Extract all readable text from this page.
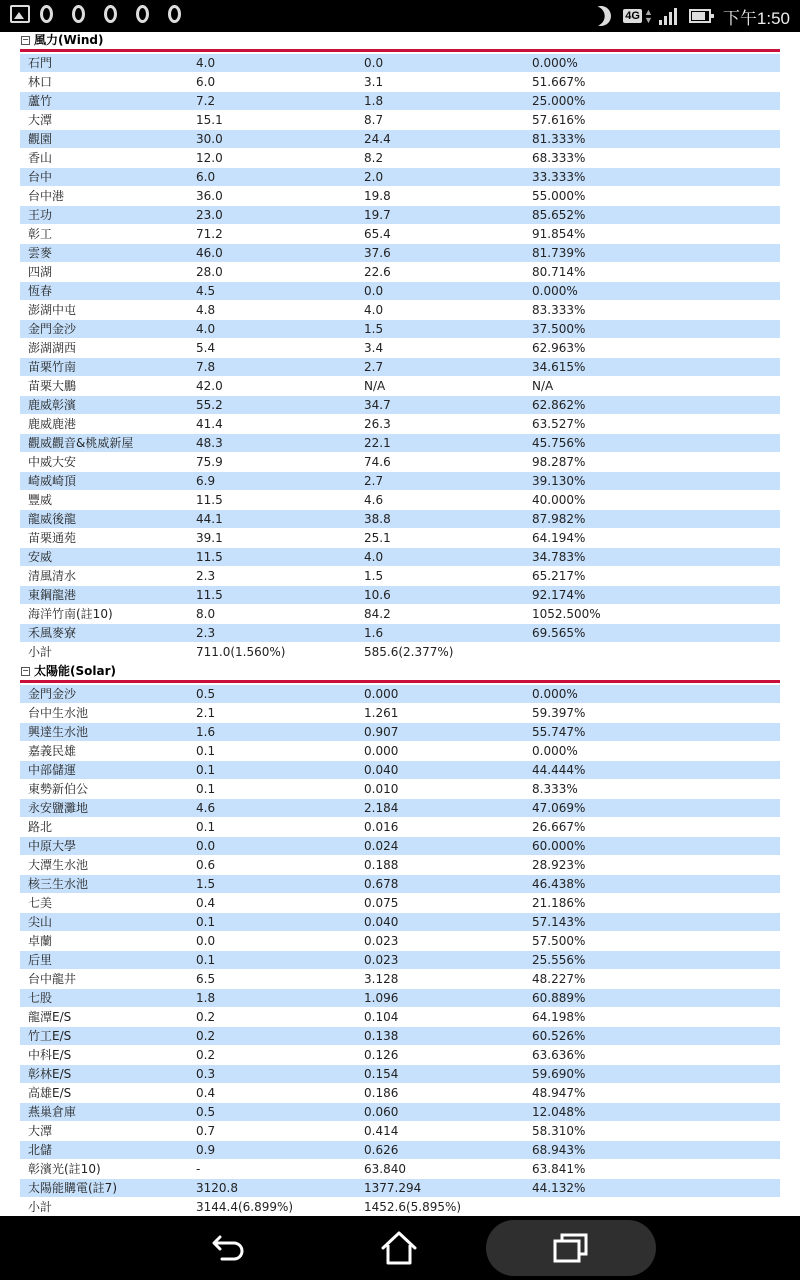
4G ▲
▼	下午1:50
− 風力(Wind)
石門	4.0	0.0	0.000%
林口	6.0	3.1	51.667%
蘆竹	7.2	1.8	25.000%
大潭	15.1	8.7	57.616%
觀園	30.0	24.4	81.333%
香山	12.0	8.2	68.333%
台中	6.0	2.0	33.333%
台中港	36.0	19.8	55.000%
王功	23.0	19.7	85.652%
彰工	71.2	65.4	91.854%
雲麥	46.0	37.6	81.739%
四湖	28.0	22.6	80.714%
恆春	4.5	0.0	0.000%
澎湖中屯	4.8	4.0	83.333%
金門金沙	4.0	1.5	37.500%
澎湖湖西	5.4	3.4	62.963%
苗栗竹南	7.8	2.7	34.615%
苗栗大鵬	42.0	N/A	N/A
鹿威彰濱	55.2	34.7	62.862%
鹿威鹿港	41.4	26.3	63.527%
觀威觀音&桃威新屋	48.3	22.1	45.756%
中威大安	75.9	74.6	98.287%
崎威崎頂	6.9	2.7	39.130%
豐威	11.5	4.6	40.000%
龍威後龍	44.1	38.8	87.982%
苗栗通苑	39.1	25.1	64.194%
安威	11.5	4.0	34.783%
清風清水	2.3	1.5	65.217%
東鋼龍港	11.5	10.6	92.174%
海洋竹南(註10)	8.0	84.2	1052.500%
禾風麥寮	2.3	1.6	69.565%
小計	711.0(1.560%)	585.6(2.377%)	
− 太陽能(Solar)
金門金沙	0.5	0.000	0.000%
台中生水池	2.1	1.261	59.397%
興達生水池	1.6	0.907	55.747%
嘉義民雄	0.1	0.000	0.000%
中部儲運	0.1	0.040	44.444%
東勢新伯公	0.1	0.010	8.333%
永安鹽灘地	4.6	2.184	47.069%
路北	0.1	0.016	26.667%
中原大學	0.0	0.024	60.000%
大潭生水池	0.6	0.188	28.923%
核三生水池	1.5	0.678	46.438%
七美	0.4	0.075	21.186%
尖山	0.1	0.040	57.143%
卓蘭	0.0	0.023	57.500%
后里	0.1	0.023	25.556%
台中龍井	6.5	3.128	48.227%
七股	1.8	1.096	60.889%
龍潭E/S	0.2	0.104	64.198%
竹工E/S	0.2	0.138	60.526%
中科E/S	0.2	0.126	63.636%
彰林E/S	0.3	0.154	59.690%
高雄E/S	0.4	0.186	48.947%
燕巢倉庫	0.5	0.060	12.048%
大潭	0.7	0.414	58.310%
北儲	0.9	0.626	68.943%
彰濱光(註10)	-	63.840	63.841%
太陽能購電(註7)	3120.8	1377.294	44.132%
小計	3144.4(6.899%)	1452.6(5.895%)	
